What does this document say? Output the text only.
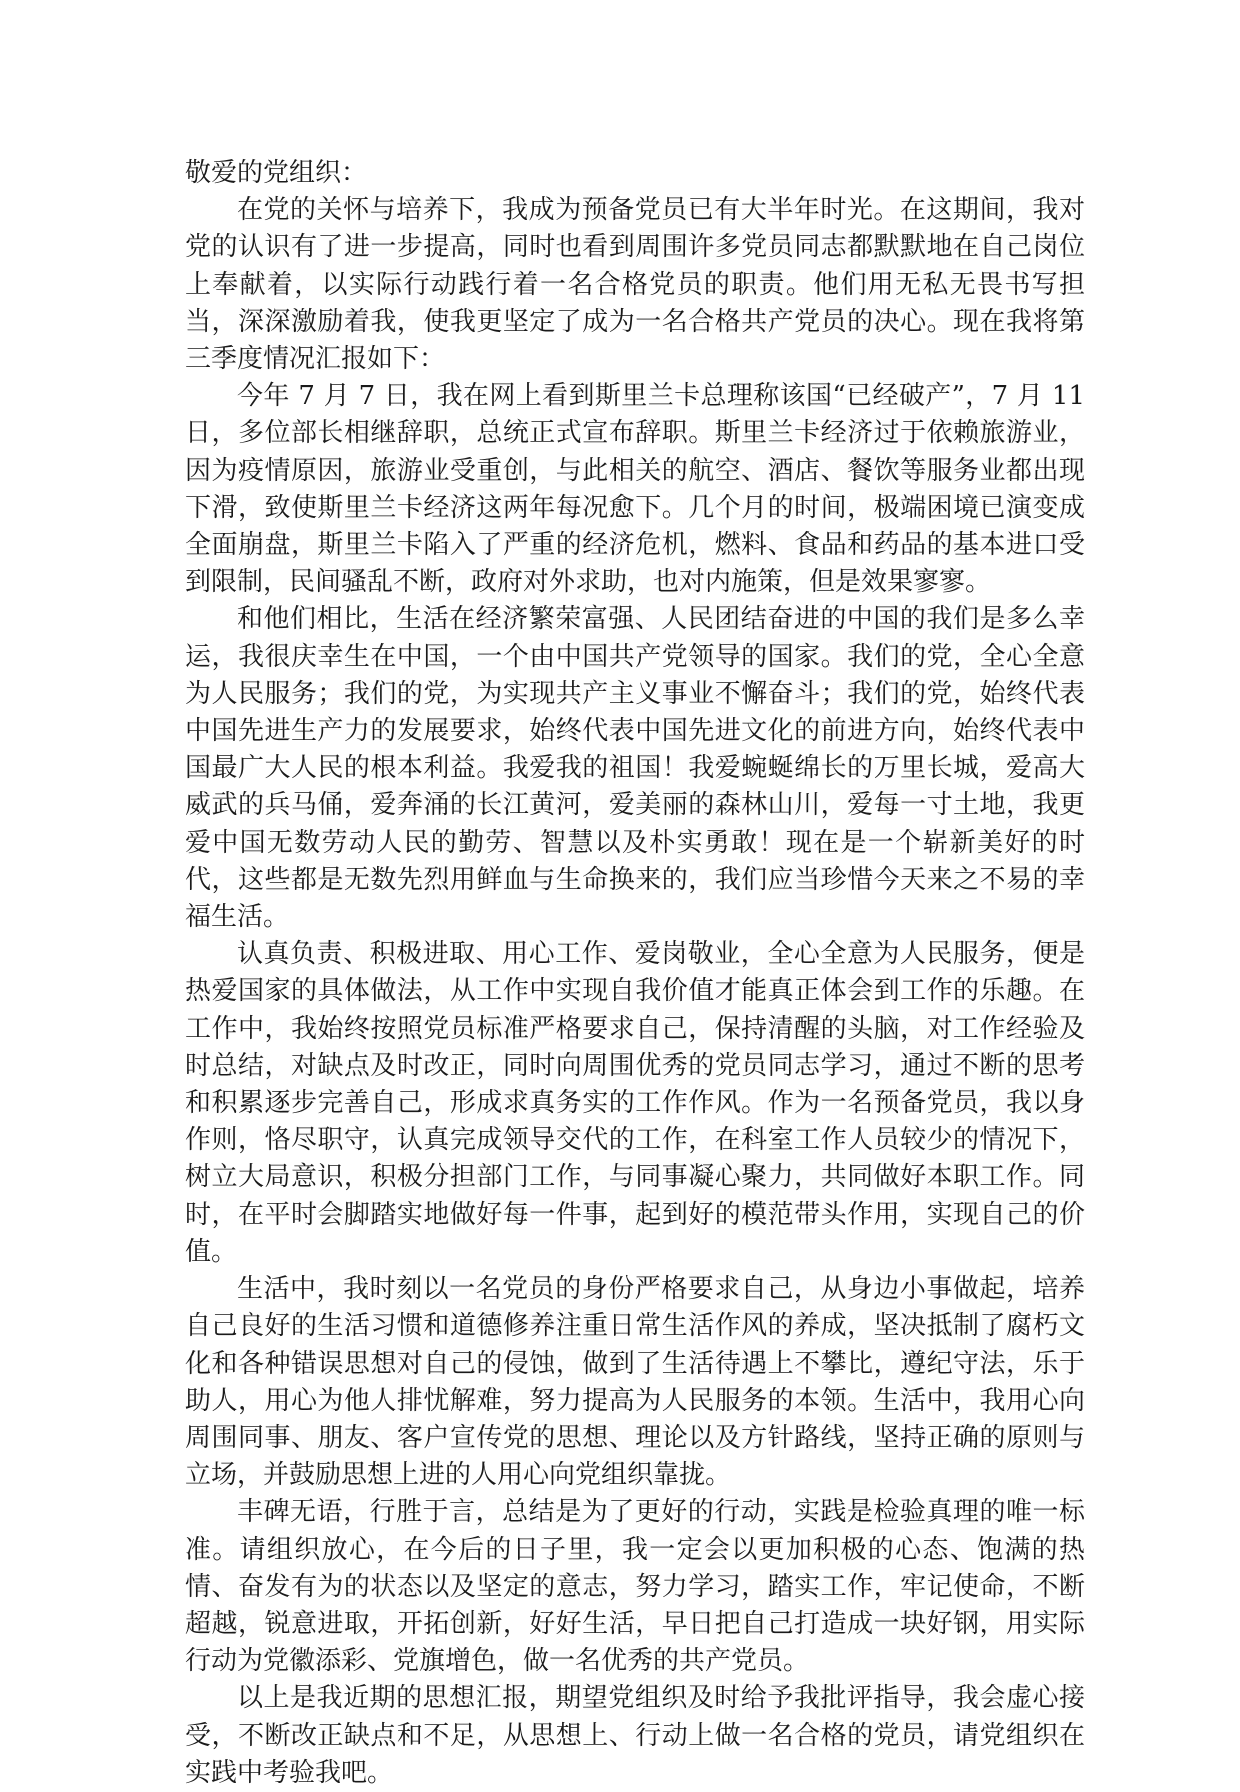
敬爱的党组织：

在党的关怀与培养下，我成为预备党员已有大半年时光。在这期间，我对党的认识有了进一步提高，同时也看到周围许多党员同志都默默地在自己岗位上奉献着，以实际行动践行着一名合格党员的职责。他们用无私无畏书写担当，深深激励着我，使我更坚定了成为一名合格共产党员的决心。现在我将第三季度情况汇报如下：

今年 7 月 7 日，我在网上看到斯里兰卡总理称该国“已经破产”，7 月 11 日，多位部长相继辞职，总统正式宣布辞职。斯里兰卡经济过于依赖旅游业，因为疫情原因，旅游业受重创，与此相关的航空、酒店、餐饮等服务业都出现下滑，致使斯里兰卡经济这两年每况愈下。几个月的时间，极端困境已演变成全面崩盘，斯里兰卡陷入了严重的经济危机，燃料、食品和药品的基本进口受到限制，民间骚乱不断，政府对外求助，也对内施策，但是效果寥寥。

和他们相比，生活在经济繁荣富强、人民团结奋进的中国的我们是多么幸运，我很庆幸生在中国，一个由中国共产党领导的国家。我们的党，全心全意为人民服务；我们的党，为实现共产主义事业不懈奋斗；我们的党，始终代表中国先进生产力的发展要求，始终代表中国先进文化的前进方向，始终代表中国最广大人民的根本利益。我爱我的祖国！我爱蜿蜒绵长的万里长城，爱高大威武的兵马俑，爱奔涌的长江黄河，爱美丽的森林山川，爱每一寸土地，我更爱中国无数劳动人民的勤劳、智慧以及朴实勇敢！现在是一个崭新美好的时代，这些都是无数先烈用鲜血与生命换来的，我们应当珍惜今天来之不易的幸福生活。

认真负责、积极进取、用心工作、爱岗敬业，全心全意为人民服务，便是热爱国家的具体做法，从工作中实现自我价值才能真正体会到工作的乐趣。在工作中，我始终按照党员标准严格要求自己，保持清醒的头脑，对工作经验及时总结，对缺点及时改正，同时向周围优秀的党员同志学习，通过不断的思考和积累逐步完善自己，形成求真务实的工作作风。作为一名预备党员，我以身作则，恪尽职守，认真完成领导交代的工作，在科室工作人员较少的情况下，树立大局意识，积极分担部门工作，与同事凝心聚力，共同做好本职工作。同时，在平时会脚踏实地做好每一件事，起到好的模范带头作用，实现自己的价值。

生活中，我时刻以一名党员的身份严格要求自己，从身边小事做起，培养自己良好的生活习惯和道德修养注重日常生活作风的养成，坚决抵制了腐朽文化和各种错误思想对自己的侵蚀，做到了生活待遇上不攀比，遵纪守法，乐于助人，用心为他人排忧解难，努力提高为人民服务的本领。生活中，我用心向周围同事、朋友、客户宣传党的思想、理论以及方针路线，坚持正确的原则与立场，并鼓励思想上进的人用心向党组织靠拢。

丰碑无语，行胜于言，总结是为了更好的行动，实践是检验真理的唯一标准。请组织放心，在今后的日子里，我一定会以更加积极的心态、饱满的热情、奋发有为的状态以及坚定的意志，努力学习，踏实工作，牢记使命，不断超越，锐意进取，开拓创新，好好生活，早日把自己打造成一块好钢，用实际行动为党徽添彩、党旗增色，做一名优秀的共产党员。

以上是我近期的思想汇报，期望党组织及时给予我批评指导，我会虚心接受，不断改正缺点和不足，从思想上、行动上做一名合格的党员，请党组织在实践中考验我吧。
